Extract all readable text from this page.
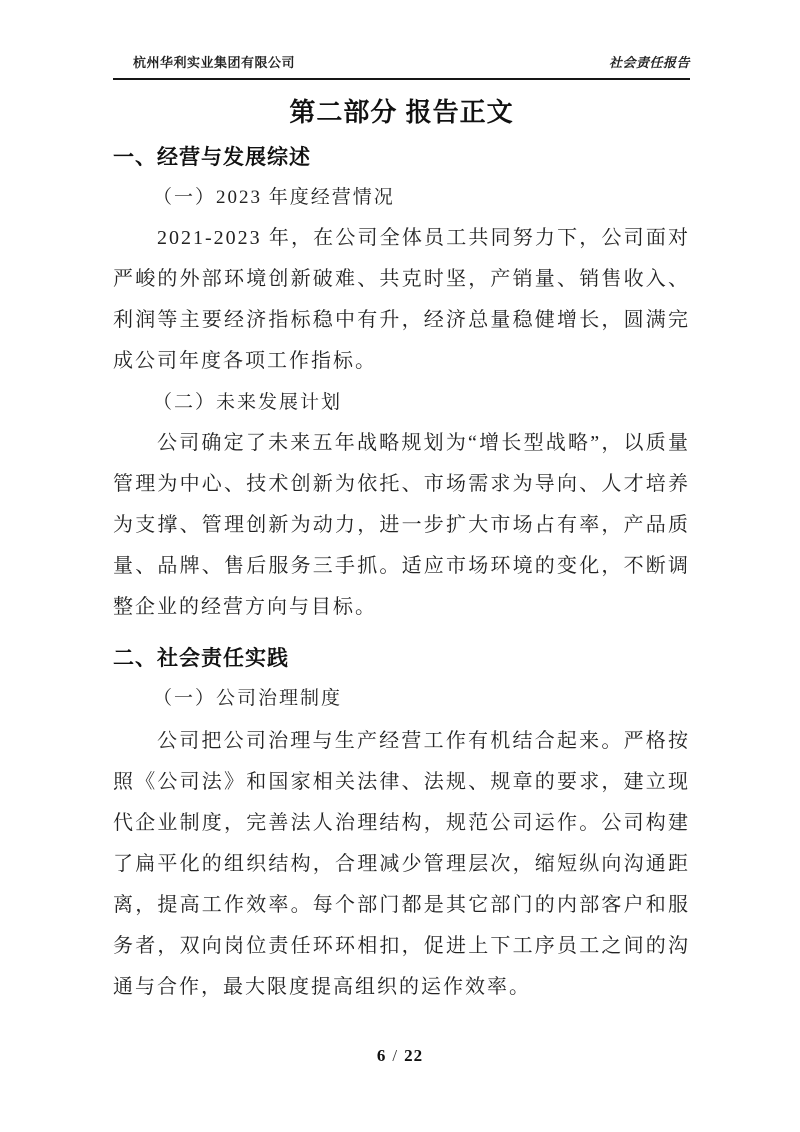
杭州华利实业集团有限公司	社会责任报告
第二部分 报告正文
一、经营与发展综述
（一）2023 年度经营情况

2021-2023 年，在公司全体员工共同努力下，公司面对严峻的外部环境创新破难、共克时坚，产销量、销售收入、利润等主要经济指标稳中有升，经济总量稳健增长，圆满完成公司年度各项工作指标。

（二）未来发展计划

公司确定了未来五年战略规划为“增长型战略”，以质量管理为中心、技术创新为依托、市场需求为导向、人才培养为支撑、管理创新为动力，进一步扩大市场占有率，产品质量、品牌、售后服务三手抓。适应市场环境的变化，不断调整企业的经营方向与目标。

二、社会责任实践
（一）公司治理制度

公司把公司治理与生产经营工作有机结合起来。严格按照《公司法》和国家相关法律、法规、规章的要求，建立现代企业制度，完善法人治理结构，规范公司运作。公司构建了扁平化的组织结构，合理减少管理层次，缩短纵向沟通距离，提高工作效率。每个部门都是其它部门的内部客户和服务者，双向岗位责任环环相扣，促进上下工序员工之间的沟通与合作，最大限度提高组织的运作效率。

6 / 22
